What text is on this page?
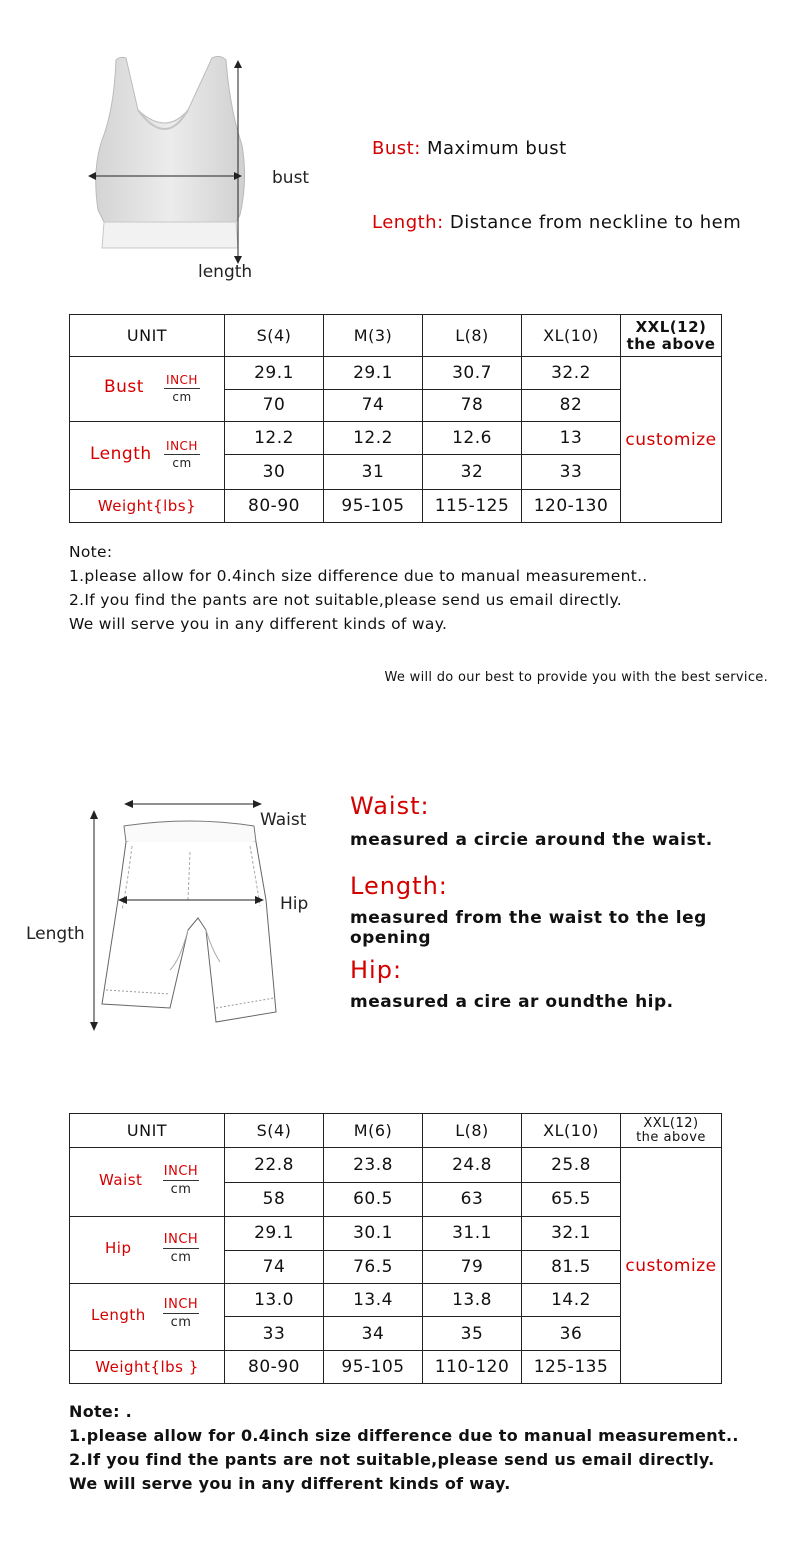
bust
length
Bust: Maximum bust
Length: Distance from neckline to hem
UNIT	S(4)	M(3)	L(8)	XL(10)	XXL(12)
the above

Bust INCH
cm	29.1	29.1	30.7	32.2	customize
	70	74	78	82	

Length INCH
cm	12.2	12.2	12.6	13	
	30	31	32	33	
Weight{lbs}	80-90	95-105	115-125	120-130	
Note:
1.please allow for 0.4inch size difference due to manual measurement..
2.If you find the pants are not suitable,please send us email directly.
We will serve you in any different kinds of way.
We will do our best to provide you with the best service.
Waist
Hip
Length
Waist:
measured a circie around the waist.
Length:
measured from the waist to the leg opening
Hip:
measured a cire ar oundthe hip.
UNIT	S(4)	M(6)	L(8)	XL(10)	XXL(12)
the above

Waist INCH
cm	22.8	23.8	24.8	25.8	customize
	58	60.5	63	65.5	

Hip INCH
cm	29.1	30.1	31.1	32.1	
	74	76.5	79	81.5	

Length
INCH
cm	13.0	13.4	13.8	14.2	
	33	34	35	36	
Weight{lbs }	80-90	95-105	110-120	125-135	
Note: .
1.please allow for 0.4inch size difference due to manual measurement..
2.If you find the pants are not suitable,please send us email directly.
We will serve you in any different kinds of way.
